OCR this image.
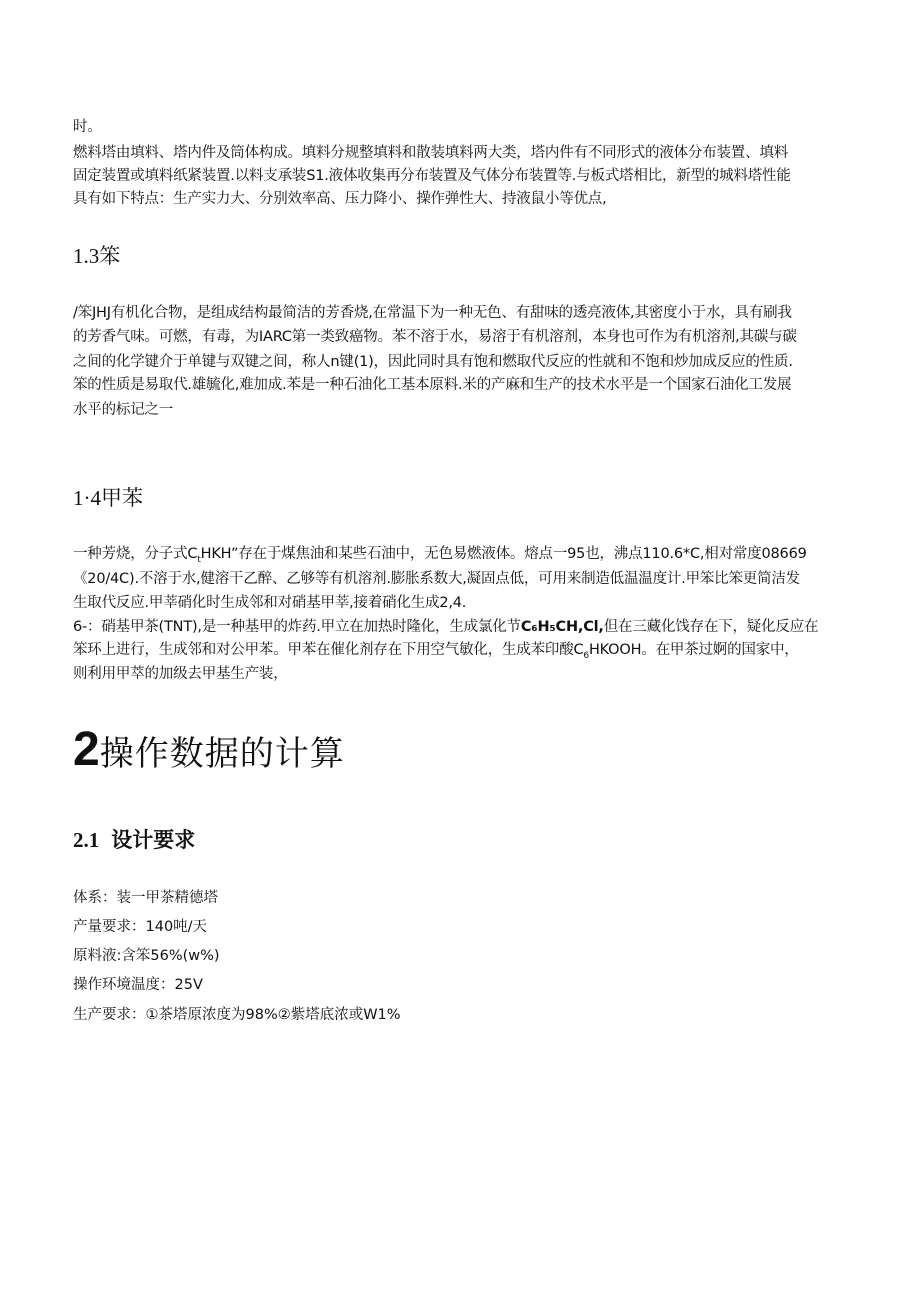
时。

燃料塔由填料、塔内件及筒体构成。填料分规整填料和散装填料两大类，塔内件有不同形式的液体分布装置、填料

固定装置或填料纸紧装置.以料支承装S1.液体收集再分布装置及气体分布装置等.与板式塔相比，新型的城料塔性能

具有如下特点：生产实力大、分别效率高、压力降小、操作弹性大、持液鼠小等优点,

1.3笨

∕笨JHJ有机化合物，是组成结构最简洁的芳香烧,在常温下为一种无色、有甜味的透亮液体,其密度小于水，具有刷我

的芳香气味。可燃，有毒，为IARC第一类致癌物。苯不溶于水，易溶于有机溶剂，本身也可作为有机溶剂,其碳与碳

之间的化学键介于单键与双键之间，称人n键(1)，因此同时具有饱和燃取代反应的性就和不饱和炒加成反应的性质.

笨的性质是易取代.雄毓化,难加成.苯是一种石油化工基本原料.米的产麻和生产的技术水平是一个国家石油化工发展

水平的标记之一

1·4甲苯

一种芳烧，分子式$C_tHKH$”存在于煤焦油和某些石油中，无色易燃液体。熔点一95也，沸点110.6*C,相对常度08669

《20/4C).不溶于水,健溶干乙醉、乙够等有机溶剂.膨胀系数大,凝固点低，可用来制造低温温度计.甲笨比笨更简洁发

生取代反应.甲莘硝化时生成邻和对硝基甲莘,接着硝化生成2,4.

6-：硝基甲茶(TNT),是一种基甲的炸药.甲立在加热时隆化，生成氯化节C₆H₅CH,Cl,但在三藏化饯存在下，疑化反应在

笨环上进行，生成邻和对公甲苯。甲苯在催化剂存在下用空气敏化，生成苯印酸$C_6HKOOH$。在甲茶过婀的国家中，

则利用甲萃的加级去甲基生产装，

2操作数据的计算
2.1 设计要求

体系：装一甲茶精德塔

产量要求：140吨/天

原料液:含笨56%(w%)

操作环境温度：25V

生产要求：①茶塔原浓度为98%②紫塔底浓或W1%
